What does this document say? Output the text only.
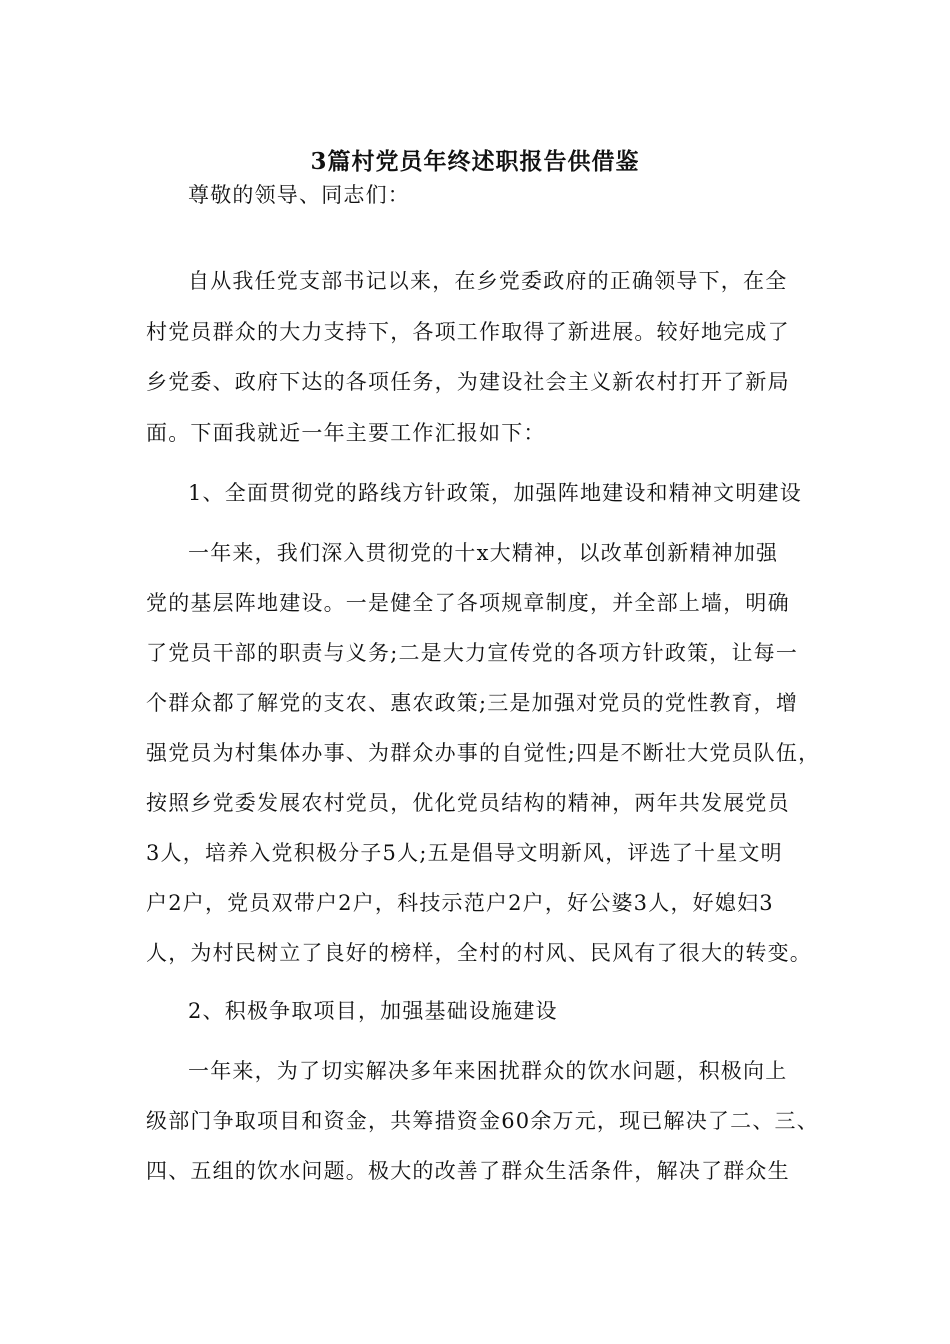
3篇村党员年终述职报告供借鉴
尊敬的领导、同志们：
自从我任党支部书记以来，在乡党委政府的正确领导下，在全
村党员群众的大力支持下，各项工作取得了新进展。较好地完成了
乡党委、政府下达的各项任务，为建设社会主义新农村打开了新局
面。下面我就近一年主要工作汇报如下：
1、全面贯彻党的路线方针政策，加强阵地建设和精神文明建设
一年来，我们深入贯彻党的十x大精神，以改革创新精神加强
党的基层阵地建设。一是健全了各项规章制度，并全部上墙，明确
了党员干部的职责与义务;二是大力宣传党的各项方针政策，让每一
个群众都了解党的支农、惠农政策;三是加强对党员的党性教育，增
强党员为村集体办事、为群众办事的自觉性;四是不断壮大党员队伍，
按照乡党委发展农村党员，优化党员结构的精神，两年共发展党员
3人，培养入党积极分子5人;五是倡导文明新风，评选了十星文明
户2户，党员双带户2户，科技示范户2户，好公婆3人，好媳妇3
人，为村民树立了良好的榜样，全村的村风、民风有了很大的转变。
2、积极争取项目，加强基础设施建设
一年来，为了切实解决多年来困扰群众的饮水问题，积极向上
级部门争取项目和资金，共筹措资金60余万元，现已解决了二、三、
四、五组的饮水问题。极大的改善了群众生活条件，解决了群众生
